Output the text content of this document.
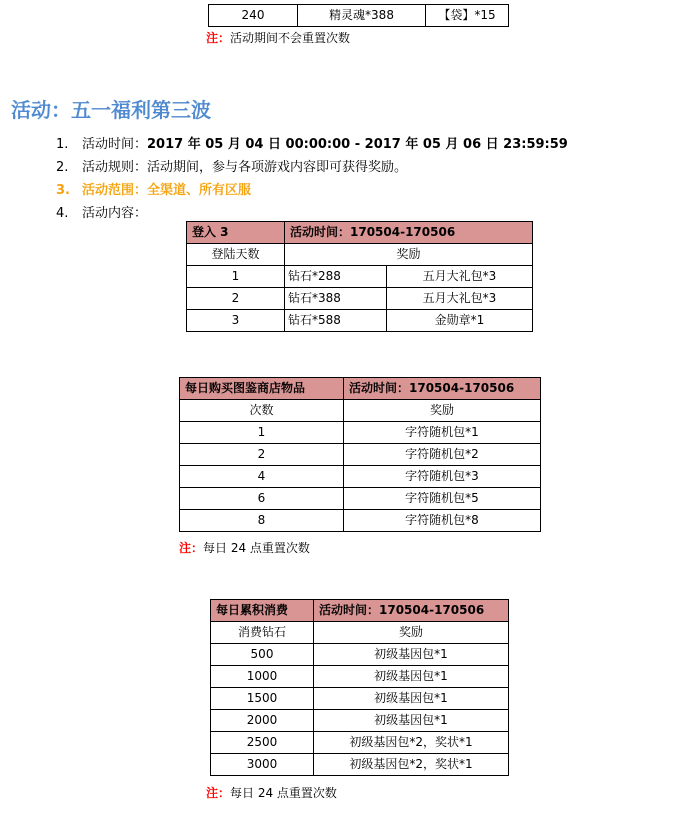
240	精灵魂*388	【袋】*15
注：活动期间不会重置次数
活动：五一福利第三波
1. 活动时间：2017 年 05 月 04 日 00:00:00 - 2017 年 05 月 06 日 23:59:59
2. 活动规则：活动期间，参与各项游戏内容即可获得奖励。
3. 活动范围：全渠道、所有区服
4. 活动内容：
登入 3	活动时间：170504-170506	
登陆天数	奖励	
1	钻石*288	五月大礼包*3
2	钻石*388	五月大礼包*3
3	钻石*588	金勋章*1
每日购买图鉴商店物品	活动时间：170504-170506
次数	奖励
1	字符随机包*1
2	字符随机包*2
4	字符随机包*3
6	字符随机包*5
8	字符随机包*8
注：每日 24 点重置次数
每日累积消费	活动时间：170504-170506
消费钻石	奖励
500	初级基因包*1
1000	初级基因包*1
1500	初级基因包*1
2000	初级基因包*1
2500	初级基因包*2，奖状*1
3000	初级基因包*2，奖状*1
注：每日 24 点重置次数
